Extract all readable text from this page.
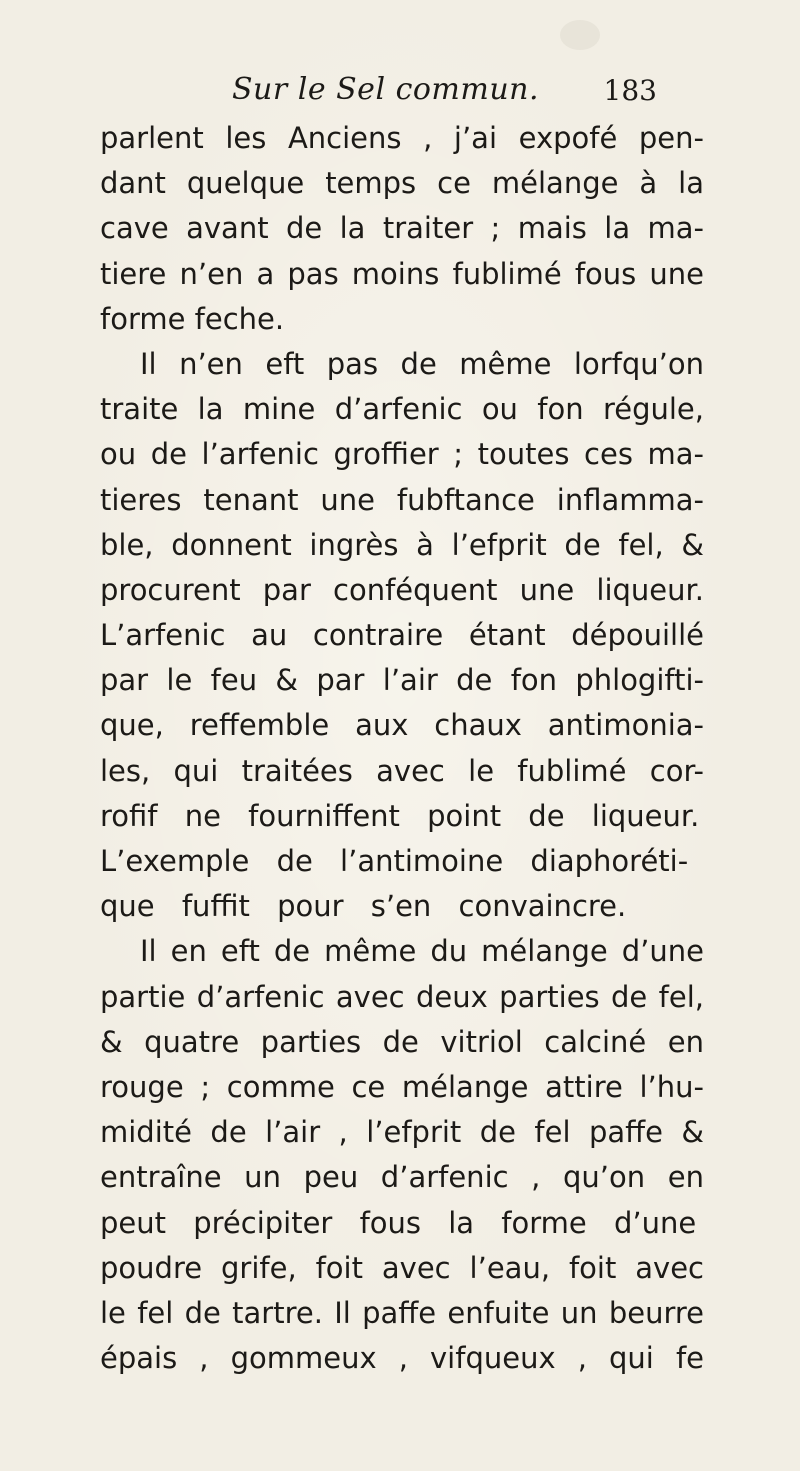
Sur le Sel commun. 183
parlent les Anciens , j’ai expofé pen-
dant quelque temps ce mélange à la
cave avant de la traiter ; mais la ma-
tiere n’en a pas moins fublimé fous une
forme feche.
Il n’en eft pas de même lorfqu’on
traite la mine d’arfenic ou fon régule,
ou de l’arfenic groffier ; toutes ces ma-
tieres tenant une fubftance inflamma-
ble, donnent ingrès à l’efprit de fel, &
procurent par conféquent une liqueur.
L’arfenic au contraire étant dépouillé
par le feu & par l’air de fon phlogifti-
que, reffemble aux chaux antimonia-
les, qui traitées avec le fublimé cor-
rofif ne fourniffent point de liqueur.
L’exemple de l’antimoine diaphoréti-
que fuffit pour s’en convaincre.
Il en eft de même du mélange d’une
partie d’arfenic avec deux parties de fel,
& quatre parties de vitriol calciné en
rouge ; comme ce mélange attire l’hu-
midité de l’air , l’efprit de fel paffe &
entraîne un peu d’arfenic , qu’on en
peut précipiter fous la forme d’une
poudre grife, foit avec l’eau, foit avec
le fel de tartre. Il paffe enfuite un beurre
épais , gommeux , vifqueux , qui fe
